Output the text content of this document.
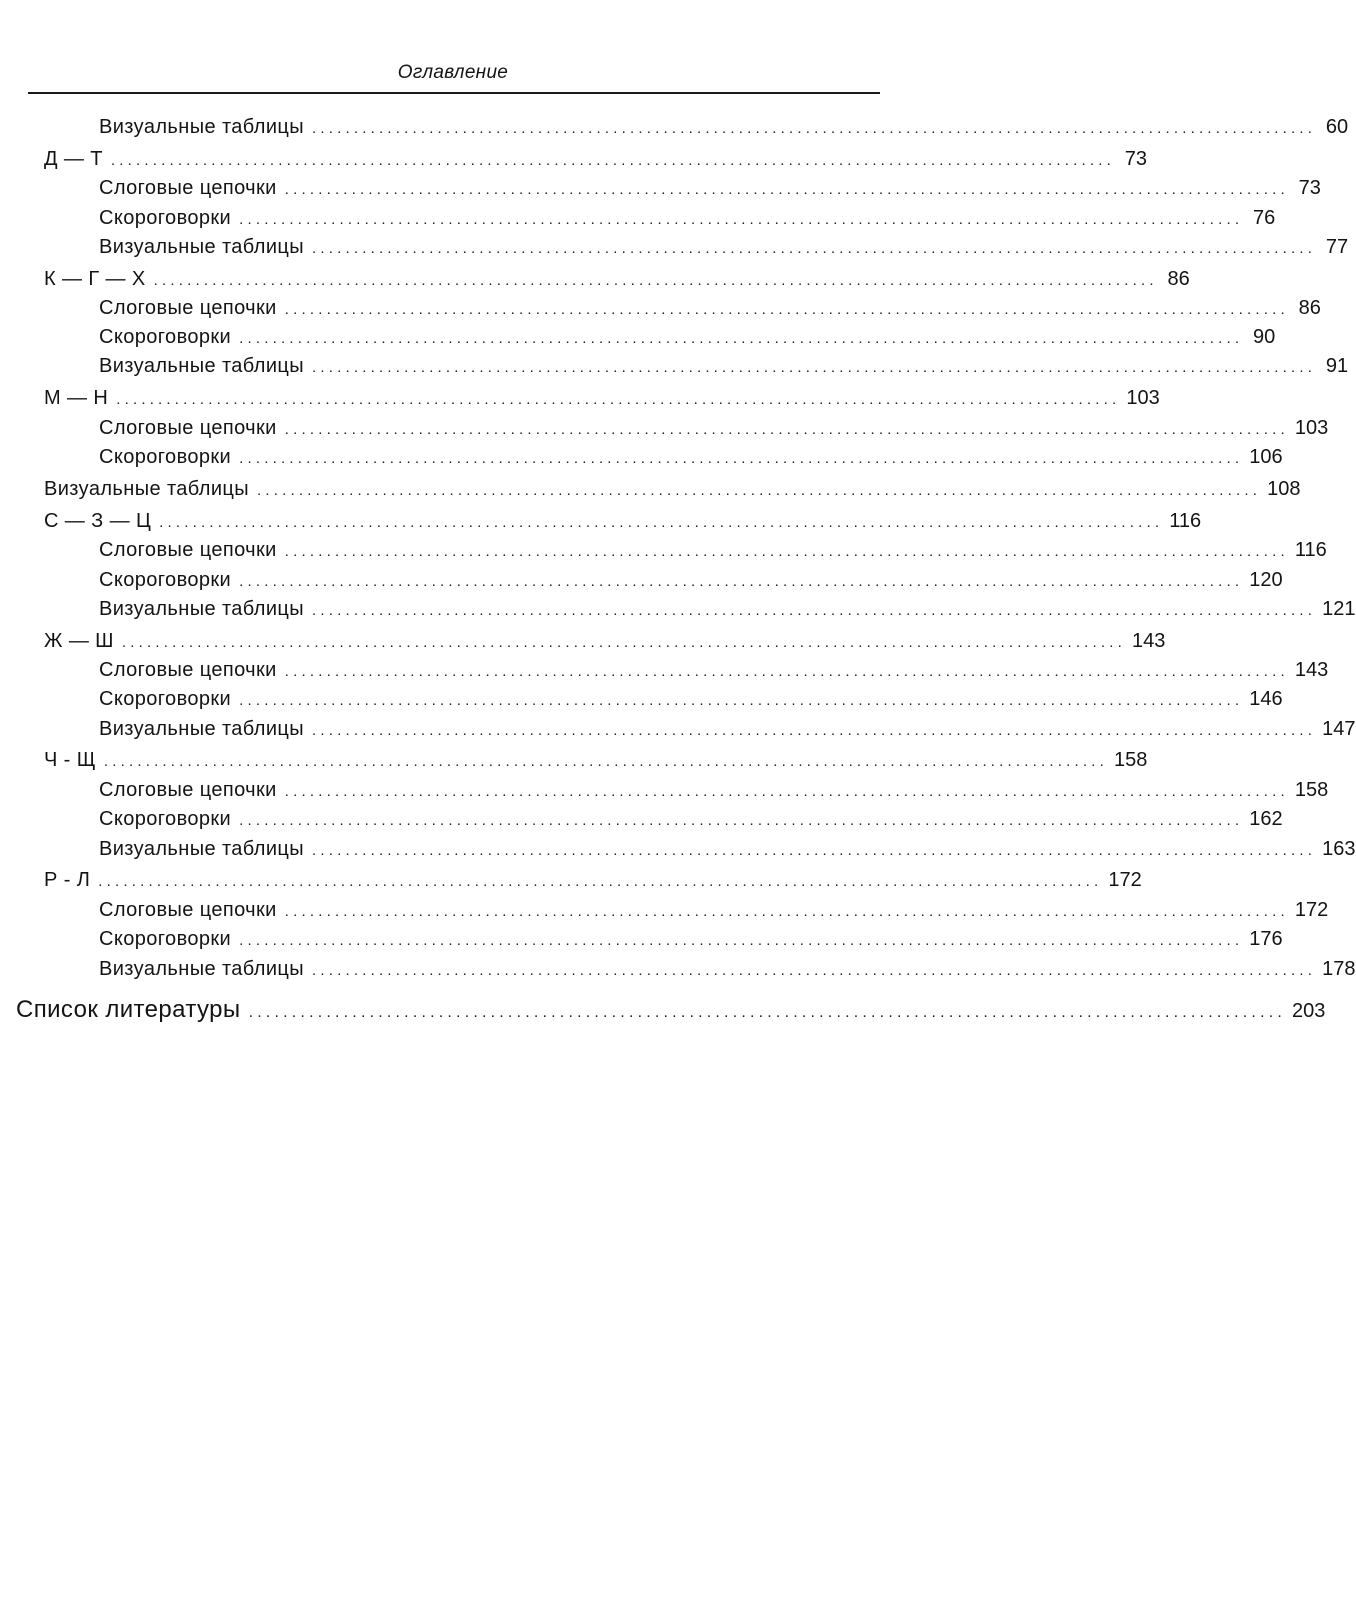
Оглавление
Визуальные таблицы ........................................................................................................................ 60
Д — Т ........................................................................................................................ 73
Слоговые цепочки ........................................................................................................................ 73
Скороговорки ........................................................................................................................ 76
Визуальные таблицы ........................................................................................................................ 77
К — Г — Х ........................................................................................................................ 86
Слоговые цепочки ........................................................................................................................ 86
Скороговорки ........................................................................................................................ 90
Визуальные таблицы ........................................................................................................................ 91
М — Н ........................................................................................................................ 103
Слоговые цепочки ........................................................................................................................ 103
Скороговорки ........................................................................................................................ 106
Визуальные таблицы ........................................................................................................................ 108
С — З — Ц ........................................................................................................................ 116
Слоговые цепочки ........................................................................................................................ 116
Скороговорки ........................................................................................................................ 120
Визуальные таблицы ........................................................................................................................ 121
Ж — Ш ........................................................................................................................ 143
Слоговые цепочки ........................................................................................................................ 143
Скороговорки ........................................................................................................................ 146
Визуальные таблицы ........................................................................................................................ 147
Ч - Щ ........................................................................................................................ 158
Слоговые цепочки ........................................................................................................................ 158
Скороговорки ........................................................................................................................ 162
Визуальные таблицы ........................................................................................................................ 163
Р - Л ........................................................................................................................ 172
Слоговые цепочки ........................................................................................................................ 172
Скороговорки ........................................................................................................................ 176
Визуальные таблицы ........................................................................................................................ 178
Список литературы ........................................................................................................................ 203
